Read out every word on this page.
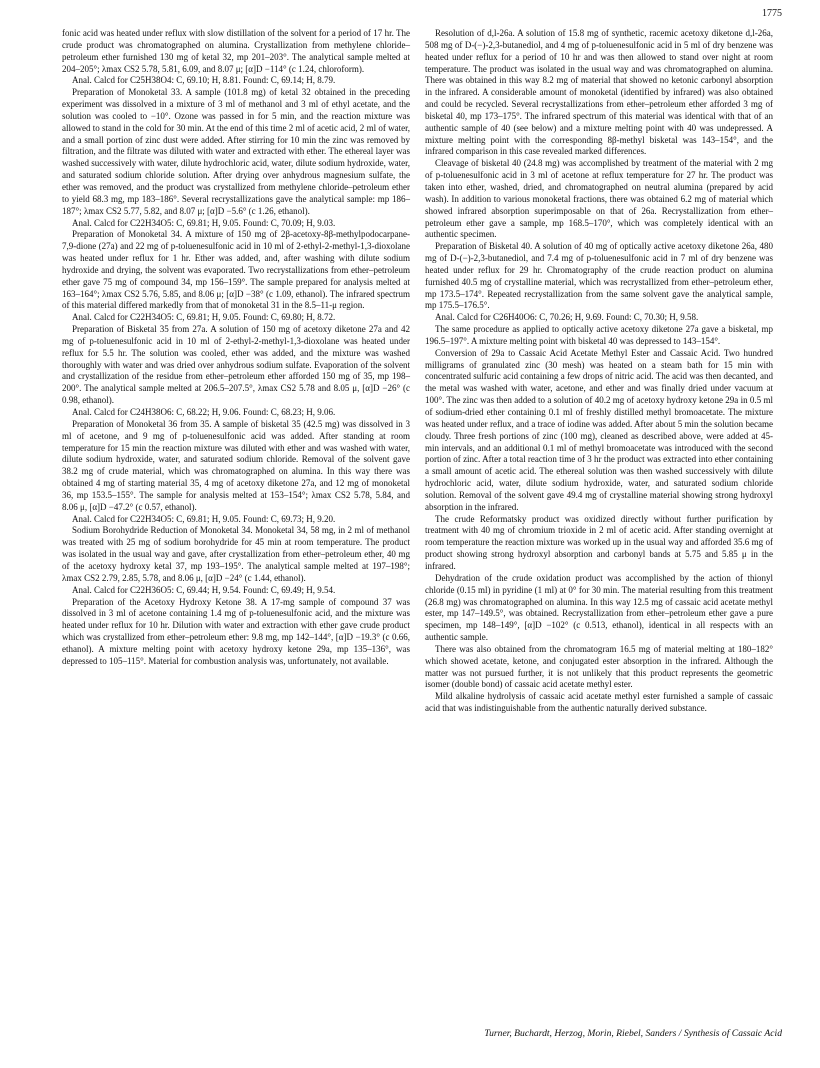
1775

fonic acid was heated under reflux with slow distillation of the solvent for a period of 17 hr. The crude product was chromatographed on alumina. Crystallization from methylene chloride–petroleum ether furnished 130 mg of ketal 32, mp 201–203°. The analytical sample melted at 204–205°; λmax CS2 5.78, 5.81, 6.09, and 8.07 μ; [α]D −114° (c 1.24, chloroform).

Anal. Calcd for C25H38O4: C, 69.10; H, 8.81. Found: C, 69.14; H, 8.79.

Preparation of Monoketal 33. A sample (101.8 mg) of ketal 32 obtained in the preceding experiment was dissolved in a mixture of 3 ml of methanol and 3 ml of ethyl acetate, and the solution was cooled to −10°. Ozone was passed in for 5 min, and the reaction mixture was allowed to stand in the cold for 30 min. At the end of this time 2 ml of acetic acid, 2 ml of water, and a small portion of zinc dust were added. After stirring for 10 min the zinc was removed by filtration, and the filtrate was diluted with water and extracted with ether. The ethereal layer was washed successively with water, dilute hydrochloric acid, water, dilute sodium hydroxide, water, and saturated sodium chloride solution. After drying over anhydrous magnesium sulfate, the ether was removed, and the product was crystallized from methylene chloride–petroleum ether to yield 68.3 mg, mp 183–186°. Several recrystallizations gave the analytical sample: mp 186–187°; λmax CS2 5.77, 5.82, and 8.07 μ; [α]D −5.6° (c 1.26, ethanol).

Anal. Calcd for C22H34O5: C, 69.81; H, 9.05. Found: C, 70.09; H, 9.03.

Preparation of Monoketal 34. A mixture of 150 mg of 2β-acetoxy-8β-methylpodocarpane-7,9-dione (27a) and 22 mg of p-toluenesulfonic acid in 10 ml of 2-ethyl-2-methyl-1,3-dioxolane was heated under reflux for 1 hr. Ether was added, and, after washing with dilute sodium hydroxide and drying, the solvent was evaporated. Two recrystallizations from ether–petroleum ether gave 75 mg of compound 34, mp 156–159°. The sample prepared for analysis melted at 163–164°; λmax CS2 5.76, 5.85, and 8.06 μ; [α]D −38° (c 1.09, ethanol). The infrared spectrum of this material differed markedly from that of monoketal 31 in the 8.5–11-μ region.

Anal. Calcd for C22H34O5: C, 69.81; H, 9.05. Found: C, 69.80; H, 8.72.

Preparation of Bisketal 35 from 27a. A solution of 150 mg of acetoxy diketone 27a and 42 mg of p-toluenesulfonic acid in 10 ml of 2-ethyl-2-methyl-1,3-dioxolane was heated under reflux for 5.5 hr. The solution was cooled, ether was added, and the mixture was washed thoroughly with water and was dried over anhydrous sodium sulfate. Evaporation of the solvent and crystallization of the residue from ether–petroleum ether afforded 150 mg of 35, mp 198–200°. The analytical sample melted at 206.5–207.5°, λmax CS2 5.78 and 8.05 μ, [α]D −26° (c 0.98, ethanol).

Anal. Calcd for C24H38O6: C, 68.22; H, 9.06. Found: C, 68.23; H, 9.06.

Preparation of Monoketal 36 from 35. A sample of bisketal 35 (42.5 mg) was dissolved in 3 ml of acetone, and 9 mg of p-toluenesulfonic acid was added. After standing at room temperature for 15 min the reaction mixture was diluted with ether and was washed with water, dilute sodium hydroxide, water, and saturated sodium chloride. Removal of the solvent gave 38.2 mg of crude material, which was chromatographed on alumina. In this way there was obtained 4 mg of starting material 35, 4 mg of acetoxy diketone 27a, and 12 mg of monoketal 36, mp 153.5–155°. The sample for analysis melted at 153–154°; λmax CS2 5.78, 5.84, and 8.06 μ, [α]D −47.2° (c 0.57, ethanol).

Anal. Calcd for C22H34O5: C, 69.81; H, 9.05. Found: C, 69.73; H, 9.20.

Sodium Borohydride Reduction of Monoketal 34. Monoketal 34, 58 mg, in 2 ml of methanol was treated with 25 mg of sodium borohydride for 45 min at room temperature. The product was isolated in the usual way and gave, after crystallization from ether–petroleum ether, 40 mg of the acetoxy hydroxy ketal 37, mp 193–195°. The analytical sample melted at 197–198°; λmax CS2 2.79, 2.85, 5.78, and 8.06 μ, [α]D −24° (c 1.44, ethanol).

Anal. Calcd for C22H36O5: C, 69.44; H, 9.54. Found: C, 69.49; H, 9.54.

Preparation of the Acetoxy Hydroxy Ketone 38. A 17-mg sample of compound 37 was dissolved in 3 ml of acetone containing 1.4 mg of p-toluenesulfonic acid, and the mixture was heated under reflux for 10 hr. Dilution with water and extraction with ether gave crude product which was crystallized from ether–petroleum ether: 9.8 mg, mp 142–144°, [α]D −19.3° (c 0.66, ethanol). A mixture melting point with acetoxy hydroxy ketone 29a, mp 135–136°, was depressed to 105–115°. Material for combustion analysis was, unfortunately, not available.

Resolution of d,l-26a. A solution of 15.8 mg of synthetic, racemic acetoxy diketone d,l-26a, 508 mg of D-(−)-2,3-butanediol, and 4 mg of p-toluenesulfonic acid in 5 ml of dry benzene was heated under reflux for a period of 10 hr and was then allowed to stand over night at room temperature. The product was isolated in the usual way and was chromatographed on alumina. There was obtained in this way 8.2 mg of material that showed no ketonic carbonyl absorption in the infrared. A considerable amount of monoketal (identified by infrared) was also obtained and could be recycled. Several recrystallizations from ether–petroleum ether afforded 3 mg of bisketal 40, mp 173–175°. The infrared spectrum of this material was identical with that of an authentic sample of 40 (see below) and a mixture melting point with 40 was undepressed. A mixture melting point with the corresponding 8β-methyl bisketal was 143–154°, and the infrared comparison in this case revealed marked differences.

Cleavage of bisketal 40 (24.8 mg) was accomplished by treatment of the material with 2 mg of p-toluenesulfonic acid in 3 ml of acetone at reflux temperature for 27 hr. The product was taken into ether, washed, dried, and chromatographed on neutral alumina (prepared by acid wash). In addition to various monoketal fractions, there was obtained 6.2 mg of material which showed infrared absorption superimposable on that of 26a. Recrystallization from ether–petroleum ether gave a sample, mp 168.5–170°, which was completely identical with an authentic specimen.

Preparation of Bisketal 40. A solution of 40 mg of optically active acetoxy diketone 26a, 480 mg of D-(−)-2,3-butanediol, and 7.4 mg of p-toluenesulfonic acid in 7 ml of dry benzene was heated under reflux for 29 hr. Chromatography of the crude reaction product on alumina furnished 40.5 mg of crystalline material, which was recrystallized from ether–petroleum ether, mp 173.5–174°. Repeated recrystallization from the same solvent gave the analytical sample, mp 175.5–176.5°.

Anal. Calcd for C26H40O6: C, 70.26; H, 9.69. Found: C, 70.30; H, 9.58.

The same procedure as applied to optically active acetoxy diketone 27a gave a bisketal, mp 196.5–197°. A mixture melting point with bisketal 40 was depressed to 143–154°.

Conversion of 29a to Cassaic Acid Acetate Methyl Ester and Cassaic Acid. Two hundred milligrams of granulated zinc (30 mesh) was heated on a steam bath for 15 min with concentrated sulfuric acid containing a few drops of nitric acid. The acid was then decanted, and the metal was washed with water, acetone, and ether and was finally dried under vacuum at 100°. The zinc was then added to a solution of 40.2 mg of acetoxy hydroxy ketone 29a in 0.5 ml of sodium-dried ether containing 0.1 ml of freshly distilled methyl bromoacetate. The mixture was heated under reflux, and a trace of iodine was added. After about 5 min the solution became cloudy. Three fresh portions of zinc (100 mg), cleaned as described above, were added at 45-min intervals, and an additional 0.1 ml of methyl bromoacetate was introduced with the second portion of zinc. After a total reaction time of 3 hr the product was extracted into ether containing a small amount of acetic acid. The ethereal solution was then washed successively with dilute hydrochloric acid, water, dilute sodium hydroxide, water, and saturated sodium chloride solution. Removal of the solvent gave 49.4 mg of crystalline material showing strong hydroxyl absorption in the infrared.

The crude Reformatsky product was oxidized directly without further purification by treatment with 40 mg of chromium trioxide in 2 ml of acetic acid. After standing overnight at room temperature the reaction mixture was worked up in the usual way and afforded 35.6 mg of product showing strong hydroxyl absorption and carbonyl bands at 5.75 and 5.85 μ in the infrared.

Dehydration of the crude oxidation product was accomplished by the action of thionyl chloride (0.15 ml) in pyridine (1 ml) at 0° for 30 min. The material resulting from this treatment (26.8 mg) was chromatographed on alumina. In this way 12.5 mg of cassaic acid acetate methyl ester, mp 147–149.5°, was obtained. Recrystallization from ether–petroleum ether gave a pure specimen, mp 148–149°, [α]D −102° (c 0.513, ethanol), identical in all respects with an authentic sample.

There was also obtained from the chromatogram 16.5 mg of material melting at 180–182° which showed acetate, ketone, and conjugated ester absorption in the infrared. Although the matter was not pursued further, it is not unlikely that this product represents the geometric isomer (double bond) of cassaic acid acetate methyl ester.

Mild alkaline hydrolysis of cassaic acid acetate methyl ester furnished a sample of cassaic acid that was indistinguishable from the authentic naturally derived substance.

Turner, Buchardt, Herzog, Morin, Riebel, Sanders / Synthesis of Cassaic Acid
